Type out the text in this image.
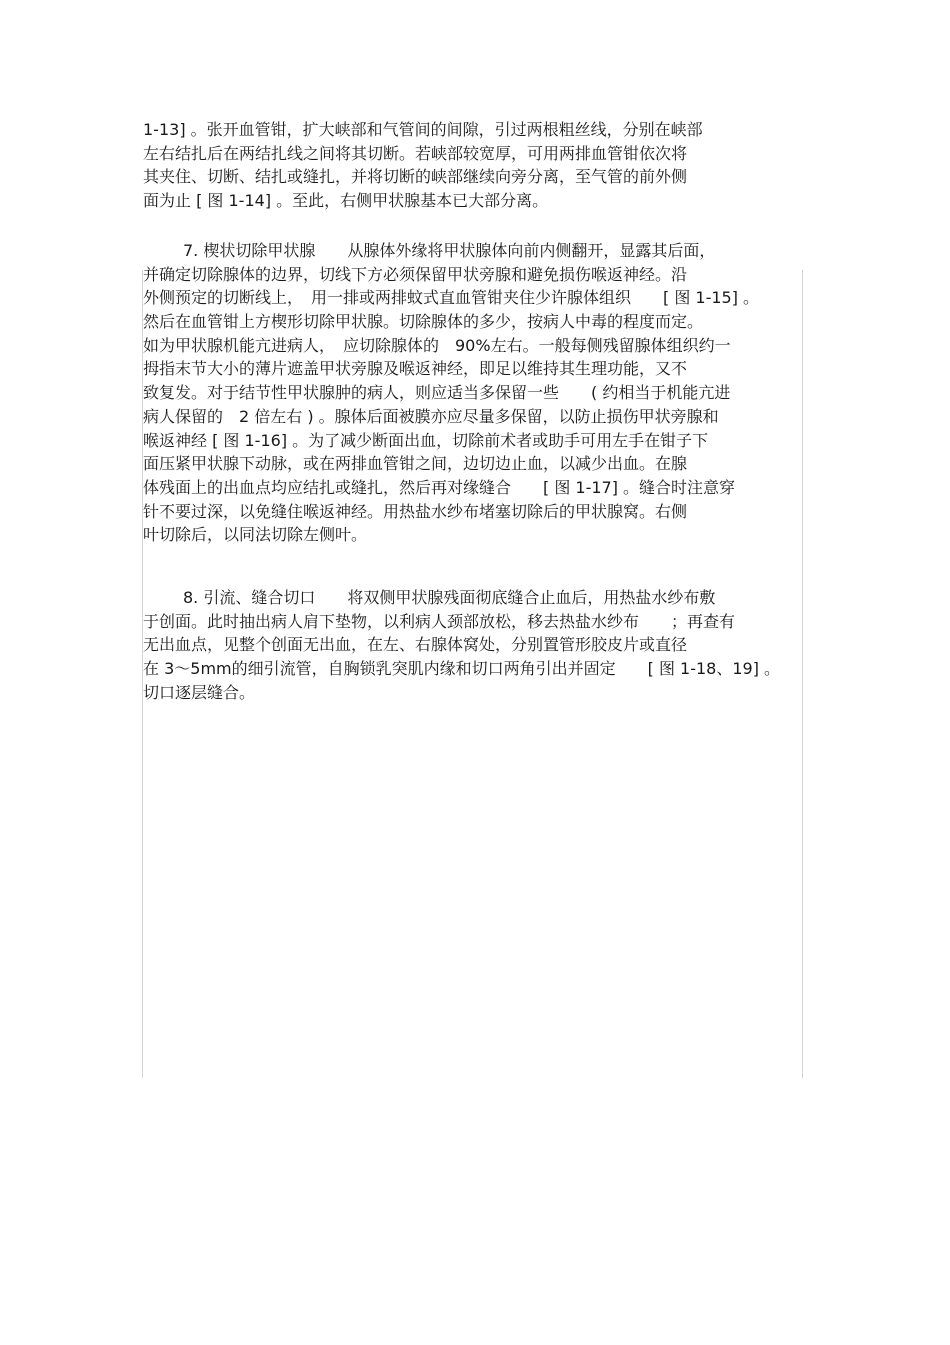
1-13] 。张开血管钳，扩大峡部和气管间的间隙，引过两根粗丝线，分别在峡部
左右结扎后在两结扎线之间将其切断。若峡部较宽厚，可用两排血管钳依次将
其夹住、切断、结扎或缝扎，并将切断的峡部继续向旁分离，至气管的前外侧
面为止 [ 图 1-14] 。至此，右侧甲状腺基本已大部分离。
7. 楔状切除甲状腺　　从腺体外缘将甲状腺体向前内侧翻开，显露其后面，
并确定切除腺体的边界，切线下方必须保留甲状旁腺和避免损伤喉返神经。沿
外侧预定的切断线上，　用一排或两排蚊式直血管钳夹住少许腺体组织　　[ 图 1-15] 。
然后在血管钳上方楔形切除甲状腺。切除腺体的多少，按病人中毒的程度而定。
如为甲状腺机能亢进病人，　应切除腺体的　90%左右。一般每侧残留腺体组织约一
拇指末节大小的薄片遮盖甲状旁腺及喉返神经，即足以维持其生理功能，又不
致复发。对于结节性甲状腺肿的病人，则应适当多保留一些　　( 约相当于机能亢进
病人保留的　2 倍左右 ) 。腺体后面被膜亦应尽量多保留，以防止损伤甲状旁腺和
喉返神经 [ 图 1-16] 。为了减少断面出血，切除前术者或助手可用左手在钳子下
面压紧甲状腺下动脉，或在两排血管钳之间，边切边止血，以减少出血。在腺
体残面上的出血点均应结扎或缝扎，然后再对缘缝合　　[ 图 1-17] 。缝合时注意穿
针不要过深，以免缝住喉返神经。用热盐水纱布堵塞切除后的甲状腺窝。右侧
叶切除后，以同法切除左侧叶。
8. 引流、缝合切口　　将双侧甲状腺残面彻底缝合止血后，用热盐水纱布敷
于创面。此时抽出病人肩下垫物，以利病人颈部放松，移去热盐水纱布　　；再查有
无出血点，见整个创面无出血，在左、右腺体窝处，分别置管形胶皮片或直径
在 3～5mm的细引流管，自胸锁乳突肌内缘和切口两角引出并固定　　[ 图 1-18、19] 。
切口逐层缝合。
